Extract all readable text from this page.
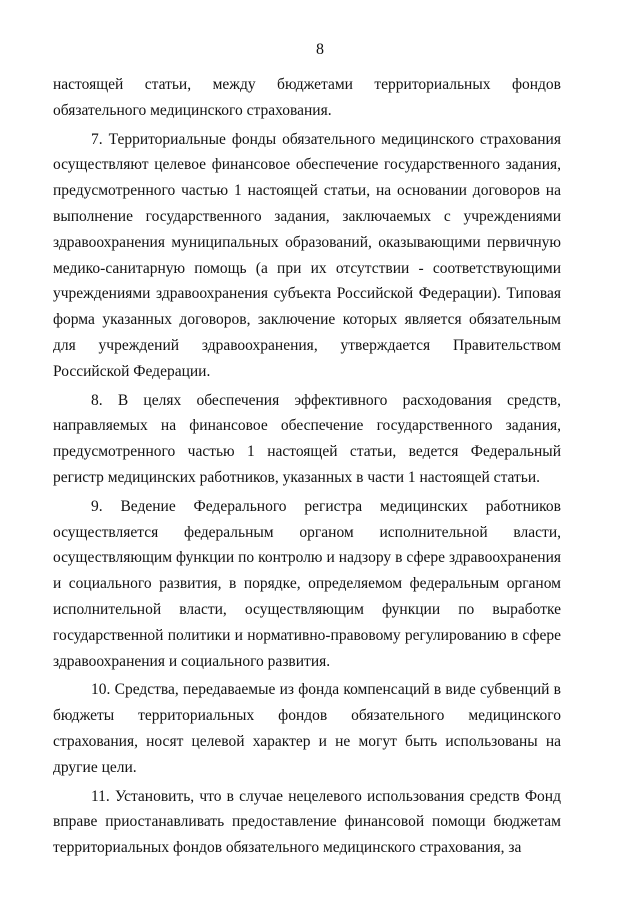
8

настоящей статьи, между бюджетами территориальных фондов обязательного медицинского страхования.

7. Территориальные фонды обязательного медицинского страхования осуществляют целевое финансовое обеспечение государственного задания, предусмотренного частью 1 настоящей статьи, на основании договоров на выполнение государственного задания, заключаемых с учреждениями здравоохранения муниципальных образований, оказывающими первичную медико-санитарную помощь (а при их отсутствии - соответствующими учреждениями здравоохранения субъекта Российской Федерации). Типовая форма указанных договоров, заключение которых является обязательным для учреждений здравоохранения, утверждается Правительством Российской Федерации.

8. В целях обеспечения эффективного расходования средств, направляемых на финансовое обеспечение государственного задания, предусмотренного частью 1 настоящей статьи, ведется Федеральный регистр медицинских работников, указанных в части 1 настоящей статьи.

9. Ведение Федерального регистра медицинских работников осуществляется федеральным органом исполнительной власти, осуществляющим функции по контролю и надзору в сфере здравоохранения и социального развития, в порядке, определяемом федеральным органом исполнительной власти, осуществляющим функции по выработке государственной политики и нормативно-правовому регулированию в сфере здравоохранения и социального развития.

10. Средства, передаваемые из фонда компенсаций в виде субвенций в бюджеты территориальных фондов обязательного медицинского страхования, носят целевой характер и не могут быть использованы на другие цели.

11. Установить, что в случае нецелевого использования средств Фонд вправе приостанавливать предоставление финансовой помощи бюджетам территориальных фондов обязательного медицинского страхования, за
